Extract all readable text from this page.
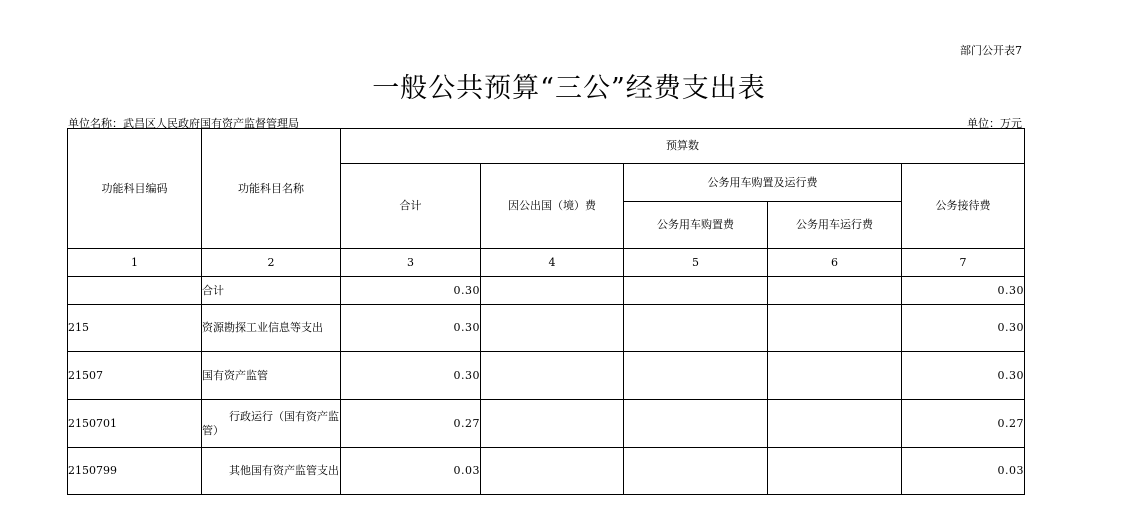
部门公开表7
一般公共预算“三公”经费支出表
单位名称：武昌区人民政府国有资产监督管理局	单位：万元
功能科目编码	功能科目名称	预算数				
		合计	因公出国（境）费	公务用车购置及运行费		公务接待费
				公务用车购置费	公务用车运行费	
1	2	3	4	5	6	7
	合计	0.30				0.30
215	资源勘探工业信息等支出	0.30				0.30
21507	国有资产监管	0.30				0.30
2150701	行政运行（国有资产监管）	0.27				0.27
2150799	其他国有资产监管支出	0.03				0.03
